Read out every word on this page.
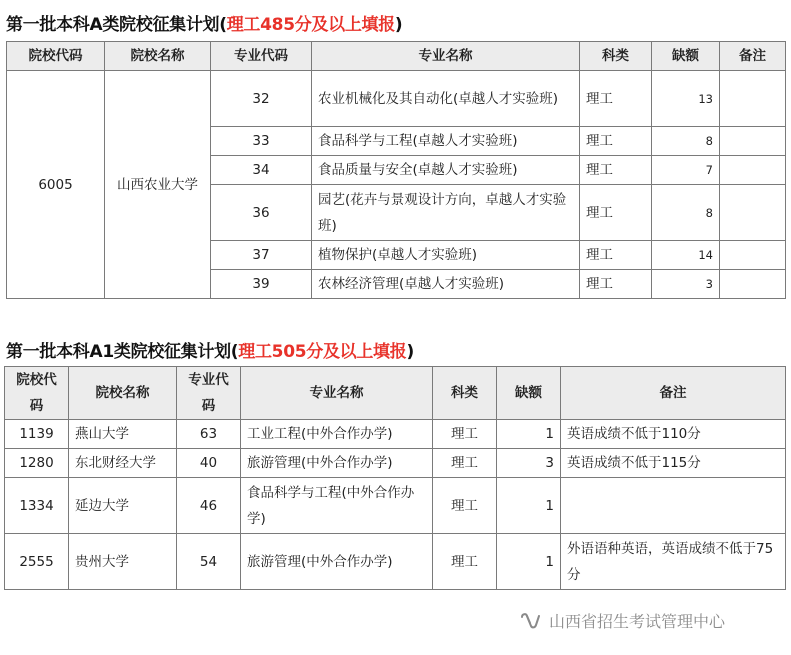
第一批本科A类院校征集计划(理工485分及以上填报)
院校代码	院校名称	专业代码	专业名称	科类	缺额	备注
6005	山西农业大学	32	农业机械化及其自动化(卓越人才实验班)	理工	13	
		33	食品科学与工程(卓越人才实验班)	理工	8	
		34	食品质量与安全(卓越人才实验班)	理工	7	
		36	园艺(花卉与景观设计方向，卓越人才实验班)	理工	8	
		37	植物保护(卓越人才实验班)	理工	14	
		39	农林经济管理(卓越人才实验班)	理工	3	
第一批本科A1类院校征集计划(理工505分及以上填报)
院校代码	院校名称	专业代码	专业名称	科类	缺额	备注
1139	燕山大学	63	工业工程(中外合作办学)	理工	1	英语成绩不低于110分
1280	东北财经大学	40	旅游管理(中外合作办学)	理工	3	英语成绩不低于115分
1334	延边大学	46	食品科学与工程(中外合作办学)	理工	1	
2555	贵州大学	54	旅游管理(中外合作办学)	理工	1	外语语种英语，英语成绩不低于75分
山西省招生考试管理中心
